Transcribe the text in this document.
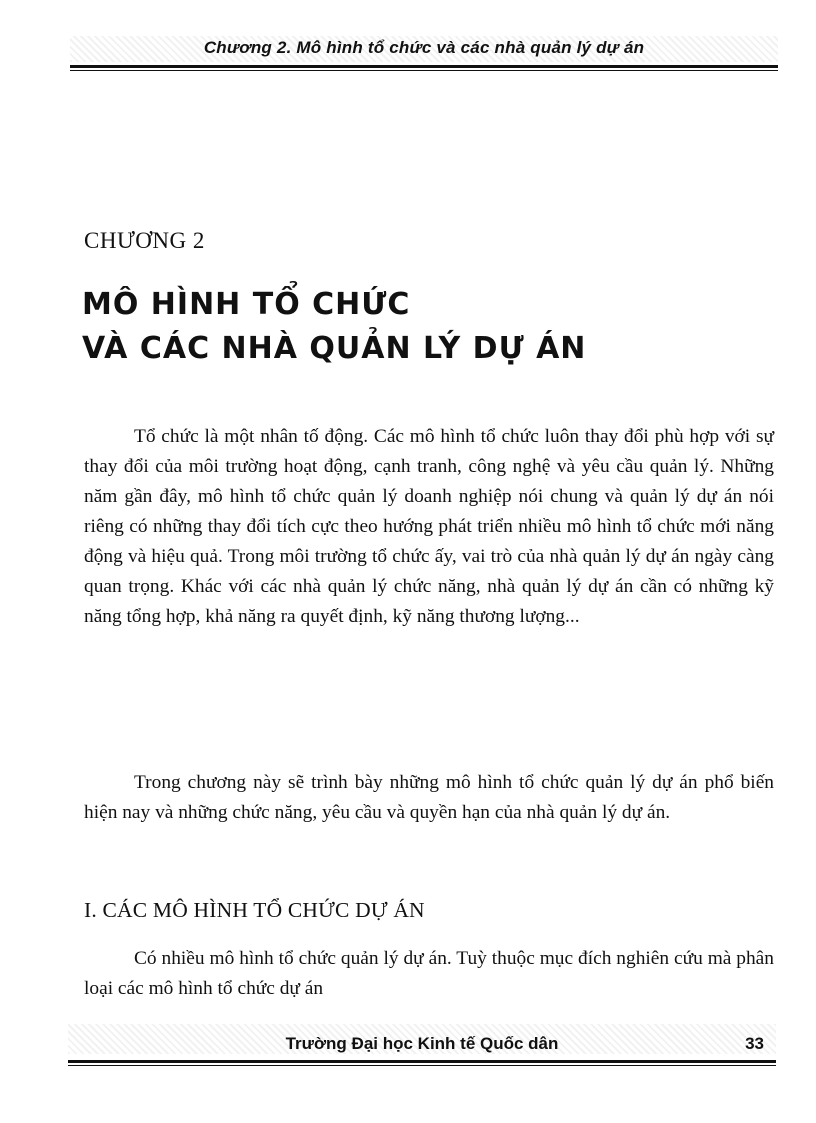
Chương 2. Mô hình tổ chức và các nhà quản lý dự án
CHƯƠNG 2
MÔ HÌNH TỔ CHỨC
VÀ CÁC NHÀ QUẢN LÝ DỰ ÁN

Tổ chức là một nhân tố động. Các mô hình tổ chức luôn thay đổi phù hợp với sự thay đổi của môi trường hoạt động, cạnh tranh, công nghệ và yêu cầu quản lý. Những năm gần đây, mô hình tổ chức quản lý doanh nghiệp nói chung và quản lý dự án nói riêng có những thay đổi tích cực theo hướng phát triển nhiều mô hình tổ chức mới năng động và hiệu quả. Trong môi trường tổ chức ấy, vai trò của nhà quản lý dự án ngày càng quan trọng. Khác với các nhà quản lý chức năng, nhà quản lý dự án cần có những kỹ năng tổng hợp, khả năng ra quyết định, kỹ năng thương lượng...

Trong chương này sẽ trình bày những mô hình tổ chức quản lý dự án phổ biến hiện nay và những chức năng, yêu cầu và quyền hạn của nhà quản lý dự án.

I. CÁC MÔ HÌNH TỔ CHỨC DỰ ÁN

Có nhiều mô hình tổ chức quản lý dự án. Tuỳ thuộc mục đích nghiên cứu mà phân loại các mô hình tổ chức dự án

Trường Đại học Kinh tế Quốc dân	33
